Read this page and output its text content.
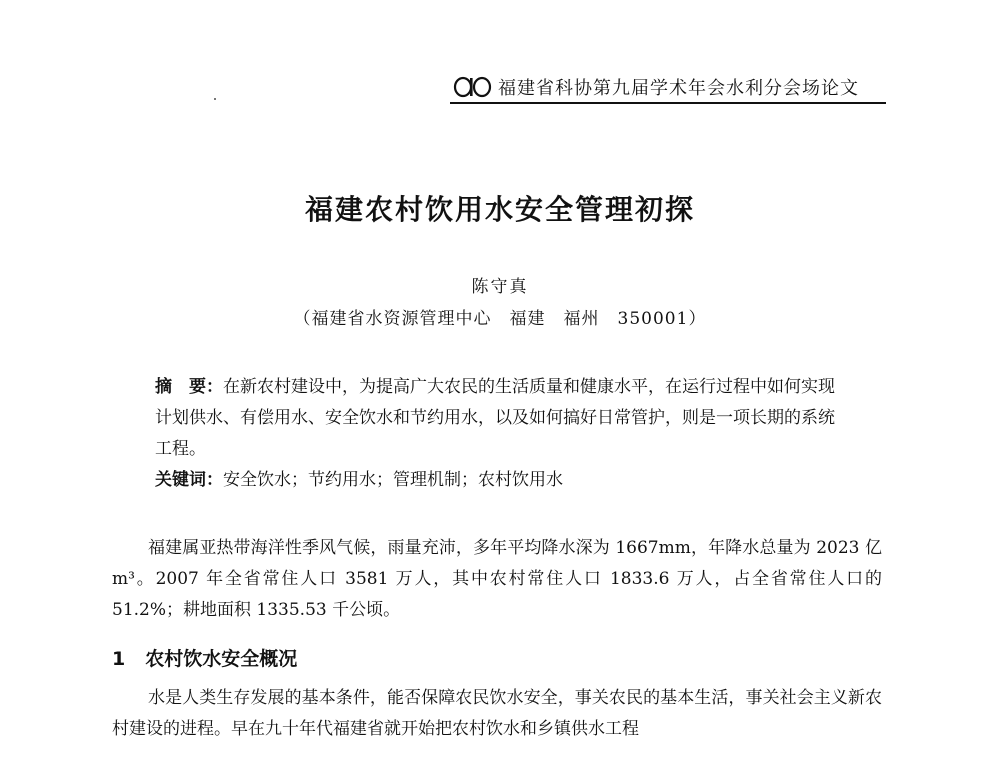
福建省科协第九届学术年会水利分会场论文
福建农村饮用水安全管理初探
陈守真
（福建省水资源管理中心　福建　福州　350001）
摘　要：在新农村建设中，为提高广大农民的生活质量和健康水平，在运行过程中如何实现计划供水、有偿用水、安全饮水和节约用水，以及如何搞好日常管护，则是一项长期的系统工程。
关键词：安全饮水；节约用水；管理机制；农村饮用水
福建属亚热带海洋性季风气候，雨量充沛，多年平均降水深为 1667mm，年降水总量为 2023 亿 m³。2007 年全省常住人口 3581 万人，其中农村常住人口 1833.6 万人，占全省常住人口的 51.2%；耕地面积 1335.53 千公顷。
1 农村饮水安全概况
水是人类生存发展的基本条件，能否保障农民饮水安全，事关农民的基本生活，事关社会主义新农村建设的进程。早在九十年代福建省就开始把农村饮水和乡镇供水工程
